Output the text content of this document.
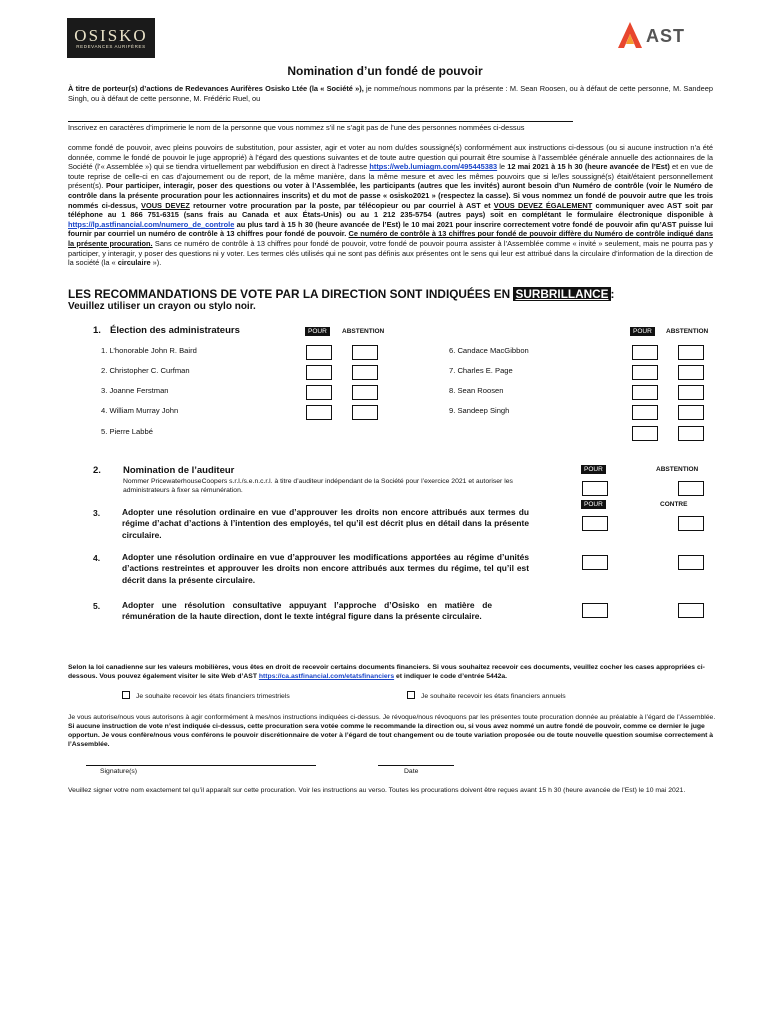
OSISKO
REDEVANCES AURIFÈRES
AST
Nomination d’un fondé de pouvoir
À titre de porteur(s) d’actions de Redevances Aurifères Osisko Ltée (la « Société »), je nomme/nous nommons par la présente : M. Sean Roosen, ou à défaut de cette personne, M. Sandeep Singh, ou à défaut de cette personne, M. Frédéric Ruel, ou
Inscrivez en caractères d’imprimerie le nom de la personne que vous nommez s’il ne s’agit pas de l’une des personnes nommées ci-dessus
comme fondé de pouvoir, avec pleins pouvoirs de substitution, pour assister, agir et voter au nom du/des soussigné(s) conformément aux instructions ci-dessous (ou si aucune instruction n’a été donnée, comme le fondé de pouvoir le juge approprié) à l’égard des questions suivantes et de toute autre question qui pourrait être soumise à l’assemblée générale annuelle des actionnaires de la Société (l’« Assemblée ») qui se tiendra virtuellement par webdiffusion en direct à l’adresse https://web.lumiagm.com/495445383 le 12 mai 2021 à 15 h 30 (heure avancée de l’Est) et en vue de toute reprise de celle-ci en cas d’ajournement ou de report, de la même manière, dans la même mesure et avec les mêmes pouvoirs que si le/les soussigné(s) était/étaient personnellement présent(s). Pour participer, interagir, poser des questions ou voter à l’Assemblée, les participants (autres que les invités) auront besoin d’un Numéro de contrôle (voir le Numéro de contrôle dans la présente procuration pour les actionnaires inscrits) et du mot de passe « osisko2021 » (respectez la casse). Si vous nommez un fondé de pouvoir autre que les trois nommés ci-dessus, VOUS DEVEZ retourner votre procuration par la poste, par télécopieur ou par courriel à AST et VOUS DEVEZ ÉGALEMENT communiquer avec AST soit par téléphone au 1 866 751-6315 (sans frais au Canada et aux États-Unis) ou au 1 212 235-5754 (autres pays) soit en complétant le formulaire électronique disponible à https://lp.astfinancial.com/numero_de_controle au plus tard à 15 h 30 (heure avancée de l’Est) le 10 mai 2021 pour inscrire correctement votre fondé de pouvoir afin qu’AST puisse lui fournir par courriel un numéro de contrôle à 13 chiffres pour fondé de pouvoir. Ce numéro de contrôle à 13 chiffres pour fondé de pouvoir diffère du Numéro de contrôle indiqué dans la présente procuration. Sans ce numéro de contrôle à 13 chiffres pour fondé de pouvoir, votre fondé de pouvoir pourra assister à l’Assemblée comme « invité » seulement, mais ne pourra pas y participer, y interagir, y poser des questions ni y voter. Les termes clés utilisés qui ne sont pas définis aux présentes ont le sens qui leur est attribué dans la circulaire d’information de la direction de la société (la « circulaire »).
LES RECOMMANDATIONS DE VOTE PAR LA DIRECTION SONT INDIQUÉES EN SURBRILLANCE :
Veuillez utiliser un crayon ou stylo noir.
1. Élection des administrateurs	POUR	ABSTENTION	POUR	ABSTENTION
1. L’honorable John R. Baird
2. Christopher C. Curfman
3. Joanne Ferstman
4. William Murray John
5. Pierre Labbé
6. Candace MacGibbon
7. Charles E. Page
8. Sean Roosen
9. Sandeep Singh
2. Nomination de l’auditeur
Nommer PricewaterhouseCoopers s.r.l./s.e.n.c.r.l. à titre d’auditeur indépendant de la Société pour l’exercice 2021 et autoriser les administrateurs à fixer sa rémunération.
POUR	ABSTENTION
POUR	CONTRE
3.	Adopter une résolution ordinaire en vue d’approuver les droits non encore attribués aux termes du régime d’achat d’actions à l’intention des employés, tel qu’il est décrit plus en détail dans la présente circulaire.
4.	Adopter une résolution ordinaire en vue d’approuver les modifications apportées au régime d’unités d’actions restreintes et approuver les droits non encore attribués aux termes du régime, tel qu’il est décrit dans la présente circulaire.
5.	Adopter une résolution consultative appuyant l’approche d’Osisko en matière de rémunération de la haute direction, dont le texte intégral figure dans la présente circulaire.
Selon la loi canadienne sur les valeurs mobilières, vous êtes en droit de recevoir certains documents financiers. Si vous souhaitez recevoir ces documents, veuillez cocher les cases appropriées ci-dessous. Vous pouvez également visiter le site Web d’AST https://ca.astfinancial.com/etatsfinanciers et indiquer le code d’entrée 5442a.
Je souhaite recevoir les états financiers trimestriels	Je souhaite recevoir les états financiers annuels
Je vous autorise/nous vous autorisons à agir conformément à mes/nos instructions indiquées ci-dessus. Je révoque/nous révoquons par les présentes toute procuration donnée au préalable à l’égard de l’Assemblée. Si aucune instruction de vote n’est indiquée ci-dessus, cette procuration sera votée comme le recommande la direction ou, si vous avez nommé un autre fondé de pouvoir, comme ce dernier le juge opportun. Je vous confère/nous vous conférons le pouvoir discrétionnaire de voter à l’égard de tout changement ou de toute variation proposée ou de toute nouvelle question soumise correctement à l’Assemblée.
Signature(s)	Date
Veuillez signer votre nom exactement tel qu’il apparaît sur cette procuration. Voir les instructions au verso. Toutes les procurations doivent être reçues avant 15 h 30 (heure avancée de l’Est) le 10 mai 2021.
